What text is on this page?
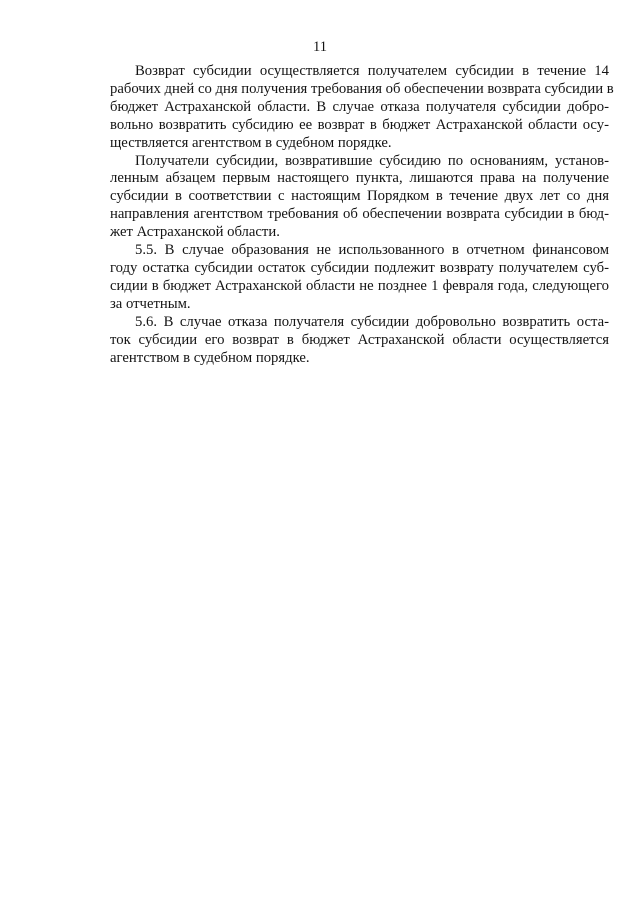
11

Возврат субсидии осуществляется получателем субсидии в течение 14
рабочих дней со дня получения требования об обеспечении возврата субсидии в
бюджет Астраханской области. В случае отказа получателя субсидии добро-
вольно возвратить субсидию ее возврат в бюджет Астраханской области осу-
ществляется агентством в судебном порядке.

Получатели субсидии, возвратившие субсидию по основаниям, установ-
ленным абзацем первым настоящего пункта, лишаются права на получение
субсидии в соответствии с настоящим Порядком в течение двух лет со дня
направления агентством требования об обеспечении возврата субсидии в бюд-
жет Астраханской области.

5.5. В случае образования не использованного в отчетном финансовом
году остатка субсидии остаток субсидии подлежит возврату получателем суб-
сидии в бюджет Астраханской области не позднее 1 февраля года, следующего
за отчетным.

5.6. В случае отказа получателя субсидии добровольно возвратить оста-
ток субсидии его возврат в бюджет Астраханской области осуществляется
агентством в судебном порядке.
